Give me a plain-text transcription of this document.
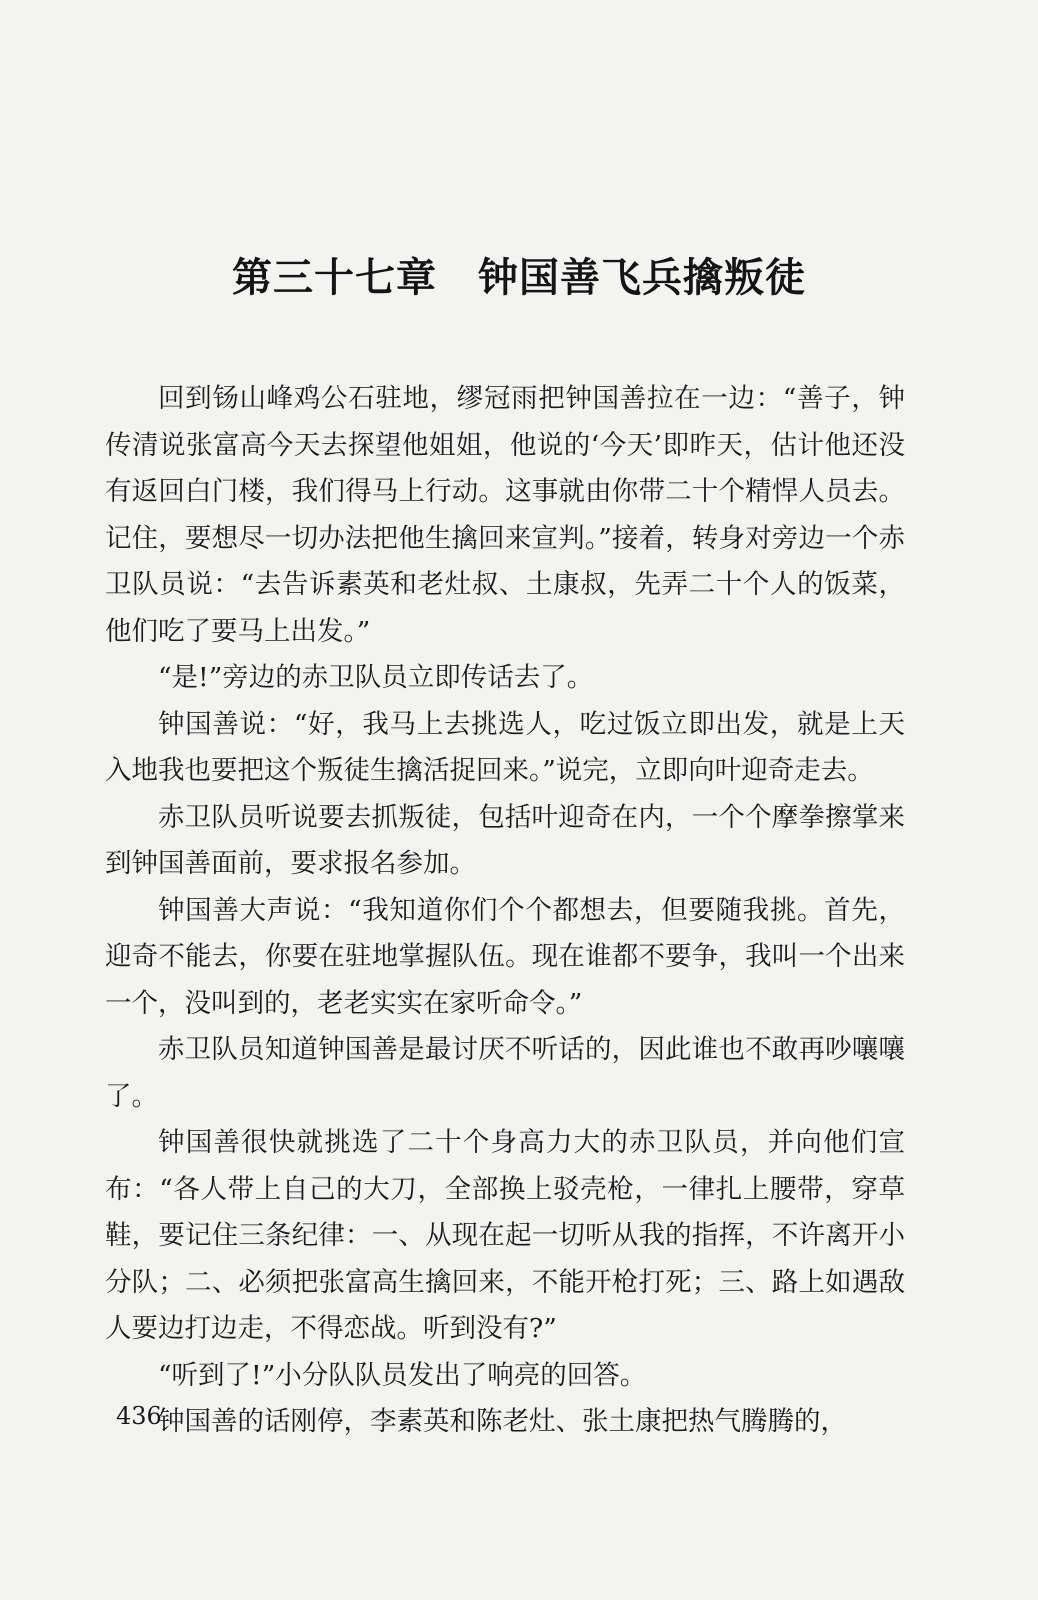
第三十七章　钟国善飞兵擒叛徒

回到钖山峰鸡公石驻地，缪冠雨把钟国善拉在一边：“善子，钟传清说张富高今天去探望他姐姐，他说的‘今天’即昨天，估计他还没有返回白门楼，我们得马上行动。这事就由你带二十个精悍人员去。记住，要想尽一切办法把他生擒回来宣判。”接着，转身对旁边一个赤卫队员说：“去告诉素英和老灶叔、土康叔，先弄二十个人的饭菜，他们吃了要马上出发。”

“是!”旁边的赤卫队员立即传话去了。

钟国善说：“好，我马上去挑选人，吃过饭立即出发，就是上天入地我也要把这个叛徒生擒活捉回来。”说完，立即向叶迎奇走去。

赤卫队员听说要去抓叛徒，包括叶迎奇在内，一个个摩拳擦掌来到钟国善面前，要求报名参加。

钟国善大声说：“我知道你们个个都想去，但要随我挑。首先，迎奇不能去，你要在驻地掌握队伍。现在谁都不要争，我叫一个出来一个，没叫到的，老老实实在家听命令。”

赤卫队员知道钟国善是最讨厌不听话的，因此谁也不敢再吵嚷嚷了。

钟国善很快就挑选了二十个身高力大的赤卫队员，并向他们宣布：“各人带上自己的大刀，全部换上驳壳枪，一律扎上腰带，穿草鞋，要记住三条纪律：一、从现在起一切听从我的指挥，不许离开小分队；二、必须把张富高生擒回来，不能开枪打死；三、路上如遇敌人要边打边走，不得恋战。听到没有?”

“听到了!”小分队队员发出了响亮的回答。

钟国善的话刚停，李素英和陈老灶、张土康把热气腾腾的，

436
